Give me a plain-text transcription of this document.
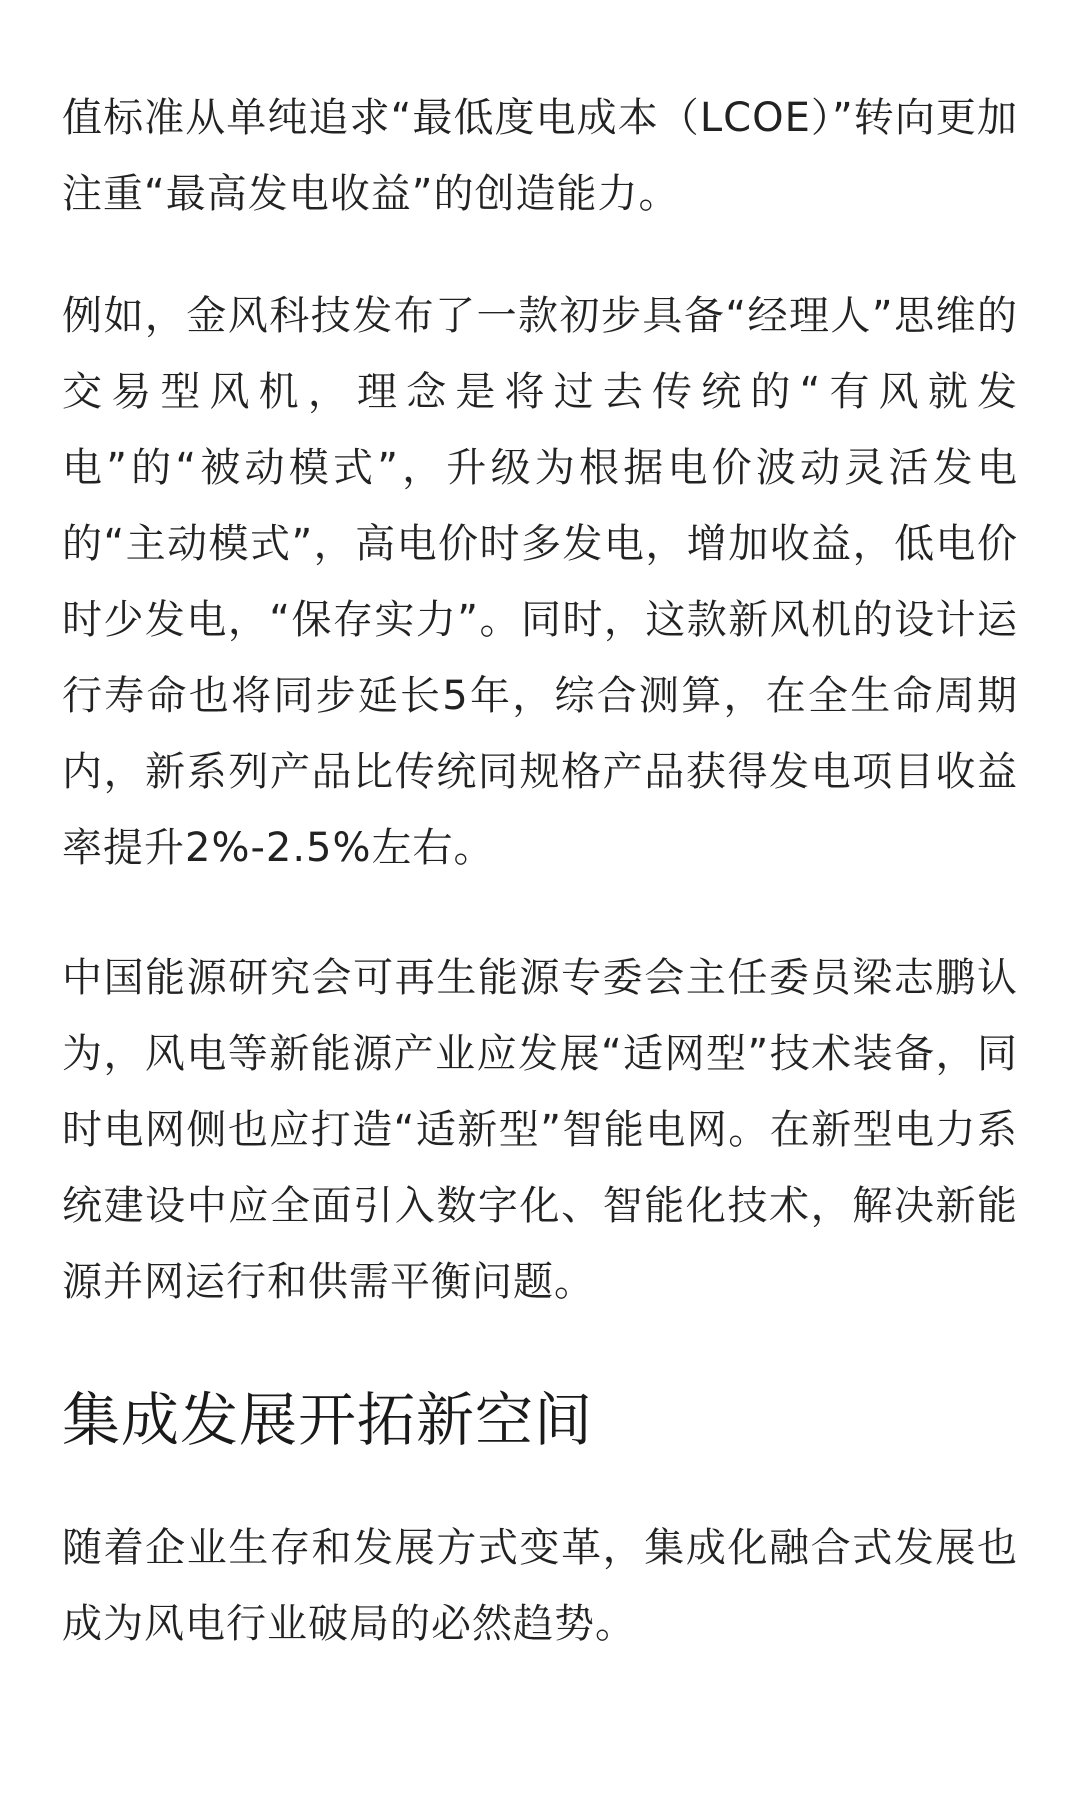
值标准从单纯追求“最低度电成本（LCOE）”转向更加注重“最高发电收益”的创造能力。

例如，金风科技发布了一款初步具备“经理人”思维的交易型风机，理念是将过去传统的“有风就发电”的“被动模式”，升级为根据电价波动灵活发电的“主动模式”，高电价时多发电，增加收益，低电价时少发电，“保存实力”。同时，这款新风机的设计运行寿命也将同步延长5年，综合测算，在全生命周期内，新系列产品比传统同规格产品获得发电项目收益率提升2%-2.5%左右。

中国能源研究会可再生能源专委会主任委员梁志鹏认为，风电等新能源产业应发展“适网型”技术装备，同时电网侧也应打造“适新型”智能电网。在新型电力系统建设中应全面引入数字化、智能化技术，解决新能源并网运行和供需平衡问题。

集成发展开拓新空间

随着企业生存和发展方式变革，集成化融合式发展也成为风电行业破局的必然趋势。
